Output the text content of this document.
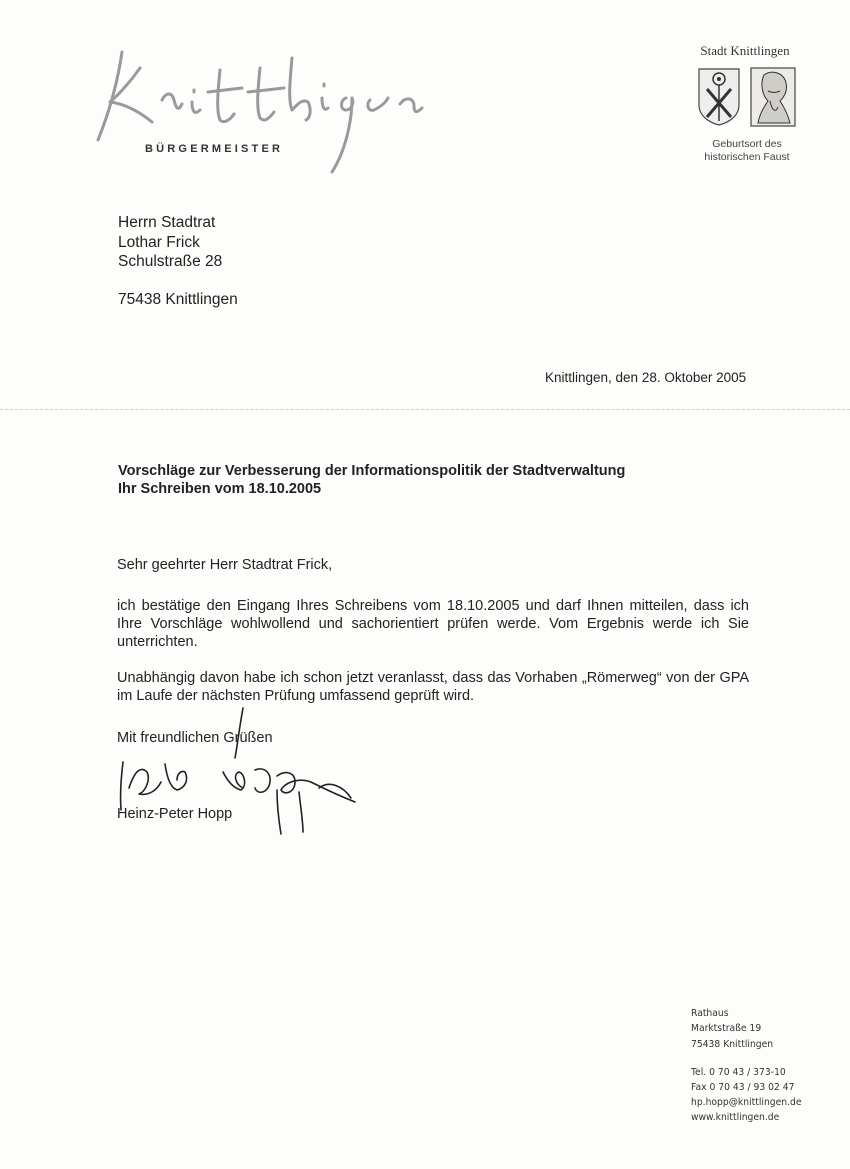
BÜRGERMEISTER
Stadt Knittlingen
Geburtsort des
historischen Faust
Herrn Stadtrat
Lothar Frick
Schulstraße 28
75438 Knittlingen
Knittlingen, den 28. Oktober 2005
Vorschläge zur Verbesserung der Informationspolitik der Stadtverwaltung
Ihr Schreiben vom 18.10.2005
Sehr geehrter Herr Stadtrat Frick,
ich bestätige den Eingang Ihres Schreibens vom 18.10.2005 und darf Ihnen mitteilen, dass ich Ihre Vorschläge wohlwollend und sachorientiert prüfen werde. Vom Ergebnis werde ich Sie unterrichten.
Unabhängig davon habe ich schon jetzt veranlasst, dass das Vorhaben „Römerweg“ von der GPA im Laufe der nächsten Prüfung umfassend geprüft wird.
Mit freundlichen Grüßen
Heinz-Peter Hopp
Rathaus
Marktstraße 19
75438 Knittlingen
Tel. 0 70 43 / 373-10
Fax 0 70 43 / 93 02 47
hp.hopp@knittlingen.de
www.knittlingen.de
